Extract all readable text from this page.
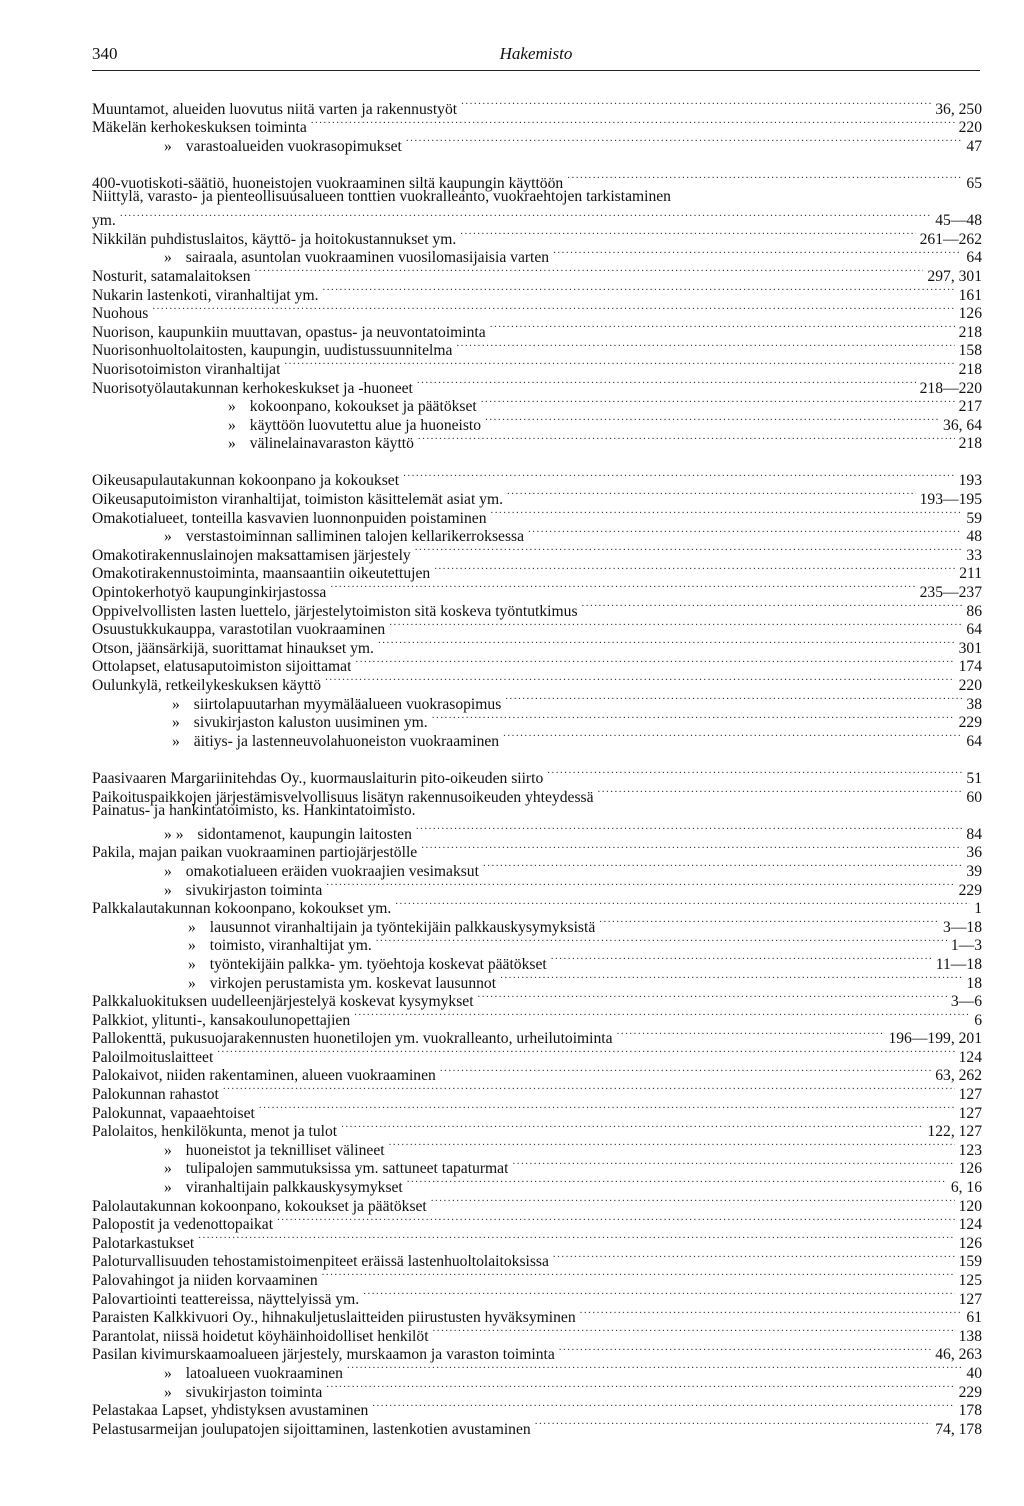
340	Hakemisto
Muuntamot, alueiden luovutus niitä varten ja rakennustyöt .....	36, 250
Mäkelän kerhokeskuksen toiminta .....	220
» varastoalueiden vuokrasopimukset .....	47
400-vuotiskoti-säätiö, huoneistojen vuokraaminen siltä kaupungin käyttöön .....	65
Niittylä, varasto- ja pienteollisuusalueen tonttien vuokralleanto, vuokraehtojen tarkistaminen
ym. .....	45—48
Nikkilän puhdistuslaitos, käyttö- ja hoitokustannukset ym. .....	261—262
» sairaala, asuntolan vuokraaminen vuosilomasijaisia varten .....	64
Nosturit, satamalaitoksen .....	297, 301
Nukarin lastenkoti, viranhaltijat ym. .....	161
Nuohous .....	126
Nuorison, kaupunkiin muuttavan, opastus- ja neuvontatoiminta .....	218
Nuorisonhuoltolaitosten, kaupungin, uudistussuunnitelma .....	158
Nuorisotoimiston viranhaltijat .....	218
Nuorisotyölautakunnan kerhokeskukset ja -huoneet .....	218—220
» kokoonpano, kokoukset ja päätökset .....	217
» käyttöön luovutettu alue ja huoneisto .....	36, 64
» välinelainavaraston käyttö .....	218
Oikeusapulautakunnan kokoonpano ja kokoukset .....	193
Oikeusaputoimiston viranhaltijat, toimiston käsittelemät asiat ym. .....	193—195
Omakotialueet, tonteilla kasvavien luonnonpuiden poistaminen .....	59
» verstastoiminnan salliminen talojen kellarikerroksessa .....	48
Omakotirakennuslainojen maksattamisen järjestely .....	33
Omakotirakennustoiminta, maansaantiin oikeutettujen .....	211
Opintokerhotyö kaupunginkirjastossa .....	235—237
Oppivelvollisten lasten luettelo, järjestelytoimiston sitä koskeva työntutkimus .....	86
Osuustukkukauppa, varastotilan vuokraaminen .....	64
Otson, jäänsärkijä, suorittamat hinaukset ym. .....	301
Ottolapset, elatusaputoimiston sijoittamat .....	174
Oulunkylä, retkeilykeskuksen käyttö .....	220
» siirtolapuutarhan myymäläalueen vuokrasopimus .....	38
» sivukirjaston kaluston uusiminen ym. .....	229
» äitiys- ja lastenneuvolahuoneiston vuokraaminen .....	64
Paasivaaren Margariinitehdas Oy., kuormauslaiturin pito-oikeuden siirto .....	51
Paikoituspaikkojen järjestämisvelvollisuus lisätyn rakennusoikeuden yhteydessä .....	60
Painatus- ja hankintatoimisto, ks. Hankintatoimisto.
» » sidontamenot, kaupungin laitosten .....	84
Pakila, majan paikan vuokraaminen partiojärjestölle .....	36
» omakotialueen eräiden vuokraajien vesimaksut .....	39
» sivukirjaston toiminta .....	229
Palkkalautakunnan kokoonpano, kokoukset ym. .....	1
» lausunnot viranhaltijain ja työntekijäin palkkauskysymyksistä .....	3—18
» toimisto, viranhaltijat ym. .....	1—3
» työntekijäin palkka- ym. työehtoja koskevat päätökset .....	11—18
» virkojen perustamista ym. koskevat lausunnot .....	18
Palkkaluokituksen uudelleenjärjestelyä koskevat kysymykset .....	3—6
Palkkiot, ylitunti-, kansakoulunopettajien .....	6
Pallokenttä, pukusuojarakennusten huonetilojen ym. vuokralleanto, urheilutoiminta .....	196—199, 201
Paloilmoituslaitteet .....	124
Palokaivot, niiden rakentaminen, alueen vuokraaminen .....	63, 262
Palokunnan rahastot .....	127
Palokunnat, vapaaehtoiset .....	127
Palolaitos, henkilökunta, menot ja tulot .....	122, 127
» huoneistot ja teknilliset välineet .....	123
» tulipalojen sammutuksissa ym. sattuneet tapaturmat .....	126
» viranhaltijain palkkauskysymykset .....	6, 16
Palolautakunnan kokoonpano, kokoukset ja päätökset .....	120
Palopostit ja vedenottopaikat .....	124
Palotarkastukset .....	126
Paloturvallisuuden tehostamistoimenpiteet eräissä lastenhuoltolaitoksissa .....	159
Palovahingot ja niiden korvaaminen .....	125
Palovartiointi teattereissa, näyttelyissä ym. .....	127
Paraisten Kalkkivuori Oy., hihnakuljetuslaitteiden piirustusten hyväksyminen .....	61
Parantolat, niissä hoidetut köyhäinhoidolliset henkilöt .....	138
Pasilan kivimurskaamoalueen järjestely, murskaamon ja varaston toiminta .....	46, 263
» latoalueen vuokraaminen .....	40
» sivukirjaston toiminta .....	229
Pelastakaa Lapset, yhdistyksen avustaminen .....	178
Pelastusarmeijan joulupatojen sijoittaminen, lastenkotien avustaminen .....	74, 178
